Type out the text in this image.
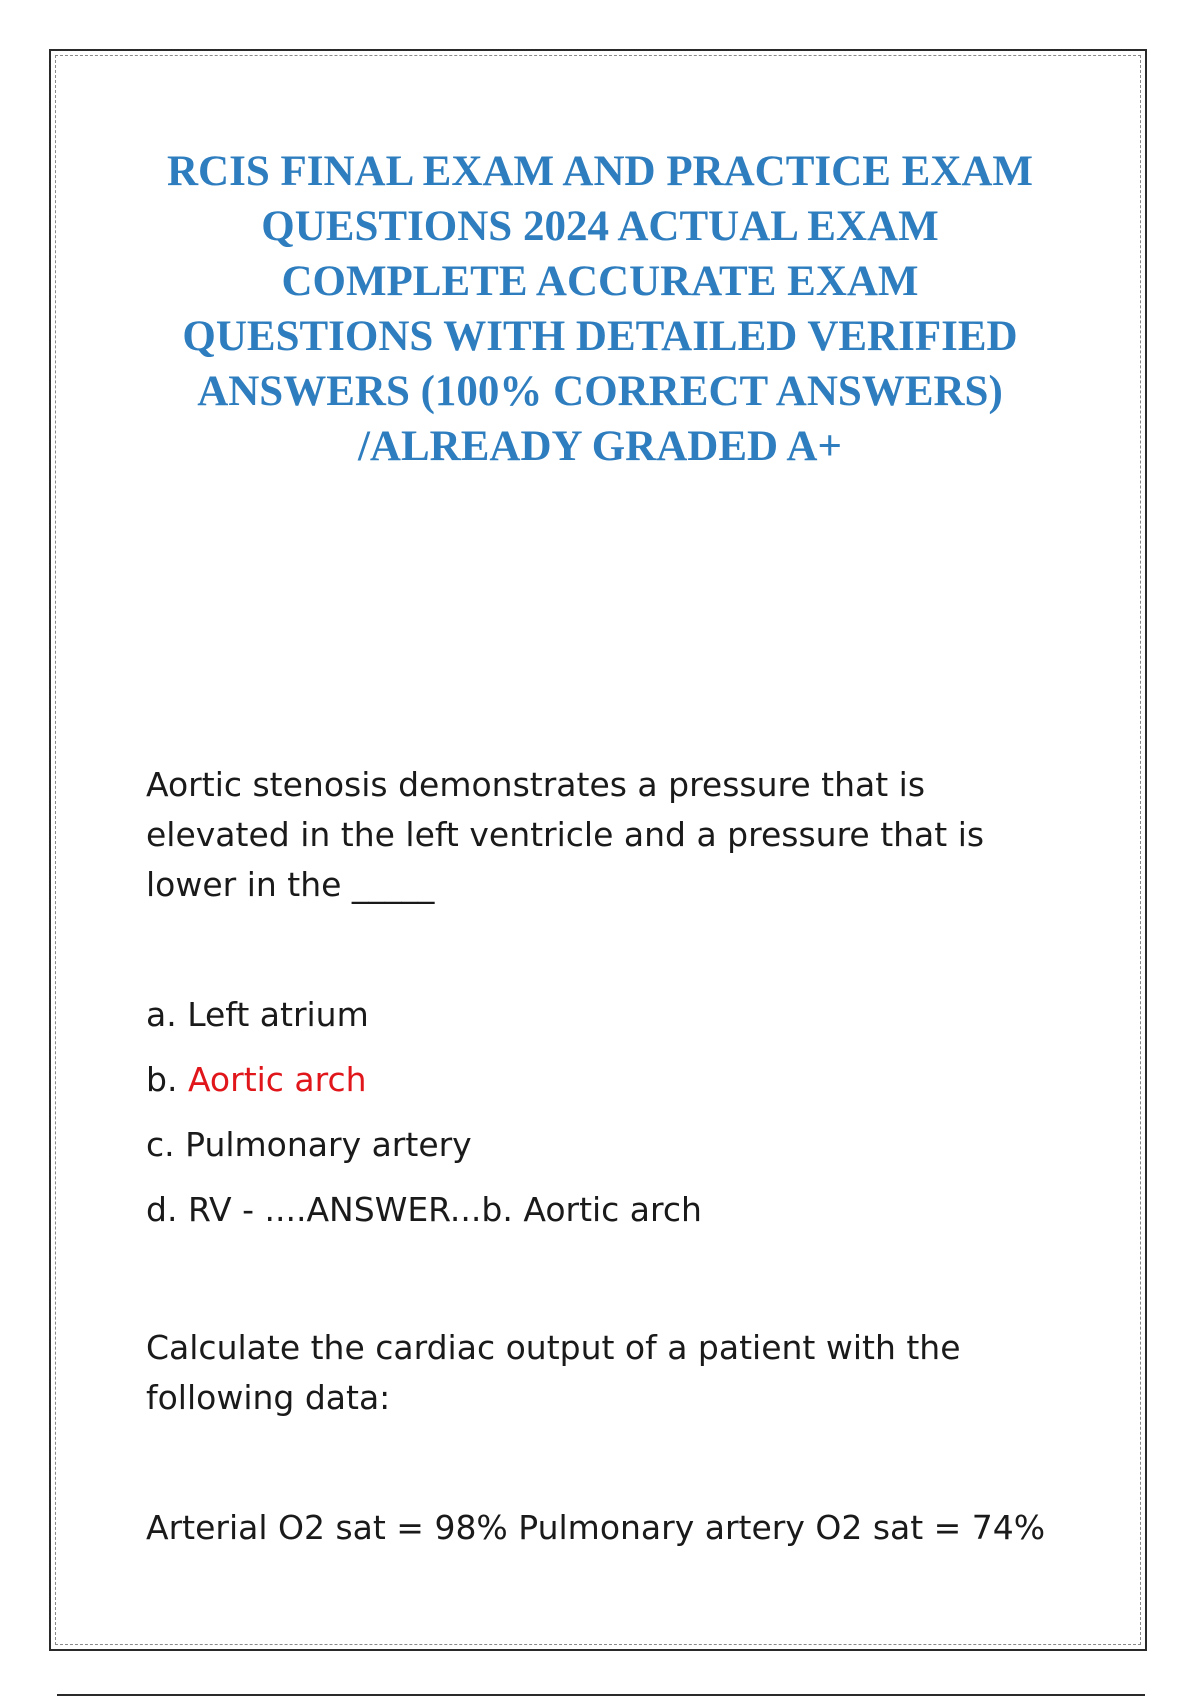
RCIS FINAL EXAM AND PRACTICE EXAM
QUESTIONS 2024 ACTUAL EXAM
COMPLETE ACCURATE EXAM
QUESTIONS WITH DETAILED VERIFIED
ANSWERS (100% CORRECT ANSWERS)
/ALREADY GRADED A+
Aortic stenosis demonstrates a pressure that is
elevated in the left ventricle and a pressure that is
lower in the _____
a. Left atrium
b. Aortic arch
c. Pulmonary artery
d. RV - ....ANSWER...b. Aortic arch
Calculate the cardiac output of a patient with the
following data:
Arterial O2 sat = 98% Pulmonary artery O2 sat = 74%
